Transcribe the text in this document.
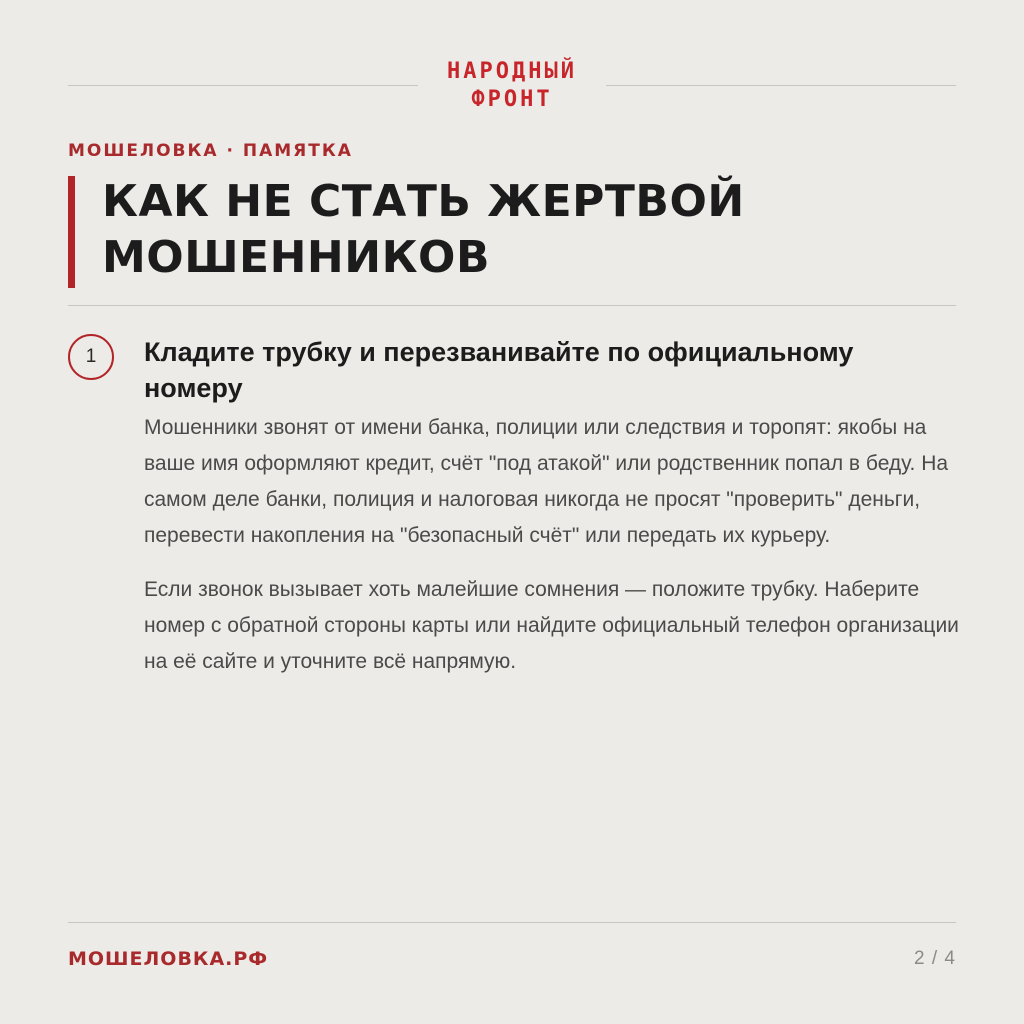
НАРОДНЫЙ
ФРОНТ
МОШЕЛОВКА · ПАМЯТКА
КАК НЕ СТАТЬ ЖЕРТВОЙ
МОШЕННИКОВ
1	Кладите трубку и перезванивайте по официальному номеру

Мошенники звонят от имени банка, полиции или следствия и торопят: якобы на ваше имя оформляют кредит, счёт "под атакой" или родственник попал в беду. На самом деле банки, полиция и налоговая никогда не просят "проверить" деньги, перевести накопления на "безопасный счёт" или передать их курьеру.

Если звонок вызывает хоть малейшие сомнения — положите трубку. Наберите номер с обратной стороны карты или найдите официальный телефон организации на её сайте и уточните всё напрямую.

МОШЕЛОВКА.РФ	2 / 4
